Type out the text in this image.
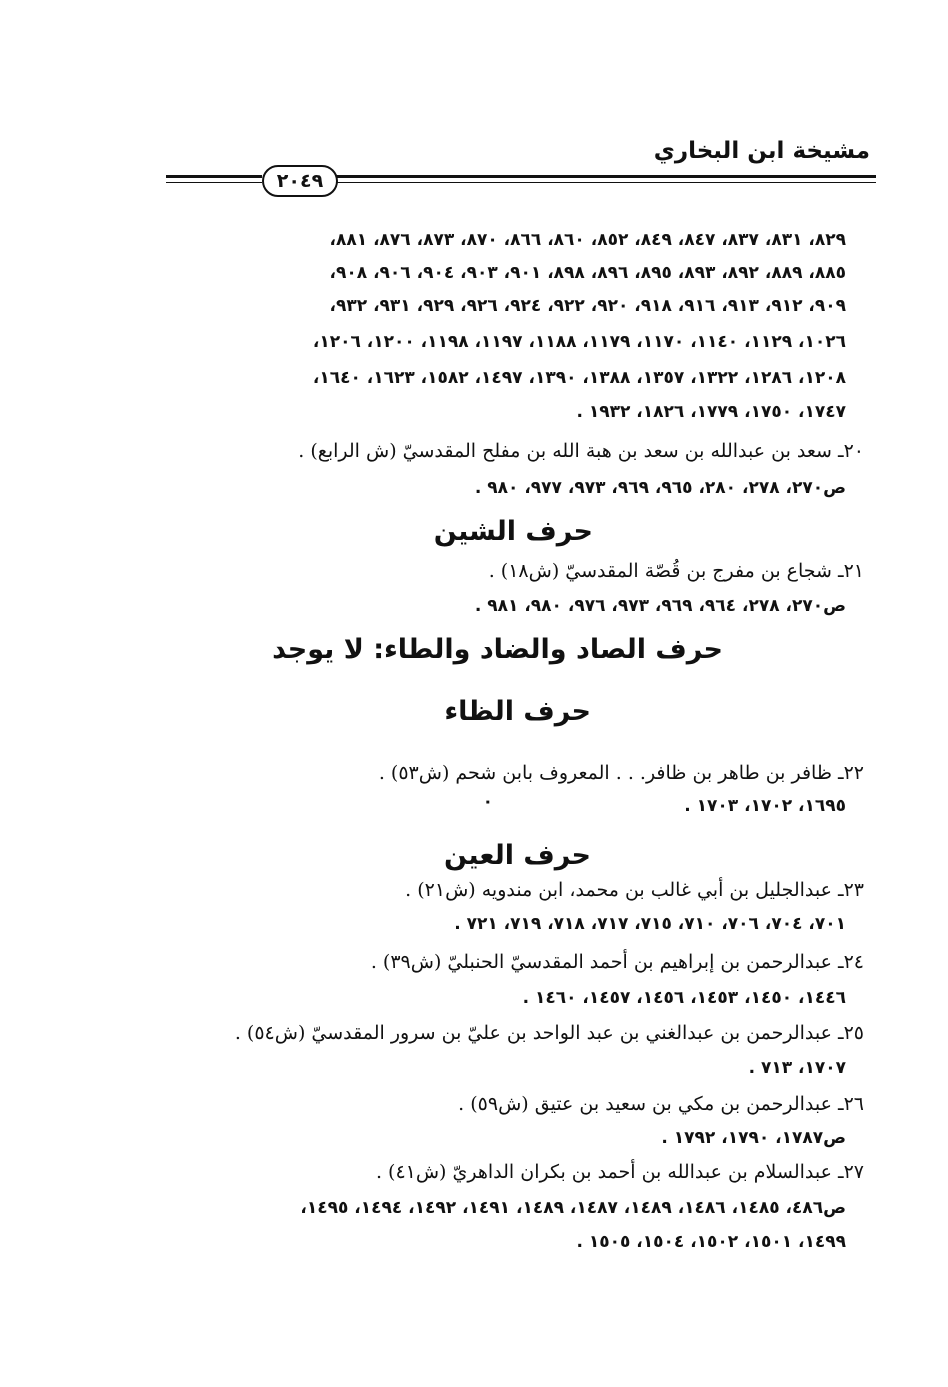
مشيخة ابن البخاري
٢٠٤٩
٨٢٩، ٨٣١، ٨٣٧، ٨٤٧، ٨٤٩، ٨٥٢، ٨٦٠، ٨٦٦، ٨٧٠، ٨٧٣، ٨٧٦، ٨٨١،
٨٨٥، ٨٨٩، ٨٩٢، ٨٩٣، ٨٩٥، ٨٩٦، ٨٩٨، ٩٠١، ٩٠٣، ٩٠٤، ٩٠٦، ٩٠٨،
٩٠٩، ٩١٢، ٩١٣، ٩١٦، ٩١٨، ٩٢٠، ٩٢٢، ٩٢٤، ٩٢٦، ٩٢٩، ٩٣١، ٩٣٢،
١٠٢٦، ١١٢٩، ١١٤٠، ١١٧٠، ١١٧٩، ١١٨٨، ١١٩٧، ١١٩٨، ١٢٠٠، ١٢٠٦،
١٢٠٨، ١٢٨٦، ١٣٢٢، ١٣٥٧، ١٣٨٨، ١٣٩٠، ١٤٩٧، ١٥٨٢، ١٦٢٣، ١٦٤٠،
١٧٤٧، ١٧٥٠، ١٧٧٩، ١٨٢٦، ١٩٣٢ .
٢٠ـ سعد بن عبدالله بن سعد بن هبة الله بن مفلح المقدسيّ (ش الرابع) .
ص٢٧٠، ٢٧٨، ٢٨٠، ٩٦٥، ٩٦٩، ٩٧٣، ٩٧٧، ٩٨٠ .
حرف الشين
٢١ـ شجاع بن مفرج بن قُصّة المقدسيّ (ش١٨) .
ص٢٧٠، ٢٧٨، ٩٦٤، ٩٦٩، ٩٧٣، ٩٧٦، ٩٨٠، ٩٨١ .
حرف الصاد والضاد والطاء: لا يوجد
حرف الظاء
٢٢ـ ظافر بن طاهر بن ظافر. . . المعروف بابن شحم (ش٥٣) .
٠	١٦٩٥، ١٧٠٢، ١٧٠٣ .
حرف العين
٢٣ـ عبدالجليل بن أبي غالب بن محمد، ابن مندويه (ش٢١) .
٧٠١، ٧٠٤، ٧٠٦، ٧١٠، ٧١٥، ٧١٧، ٧١٨، ٧١٩، ٧٢١ .
٢٤ـ عبدالرحمن بن إبراهيم بن أحمد المقدسيّ الحنبليّ (ش٣٩) .
١٤٤٦، ١٤٥٠، ١٤٥٣، ١٤٥٦، ١٤٥٧، ١٤٦٠ .
٢٥ـ عبدالرحمن بن عبدالغني بن عبد الواحد بن عليّ بن سرور المقدسيّ (ش٥٤) .
١٧٠٧، ٧١٣ .
٢٦ـ عبدالرحمن بن مكي بن سعيد بن عتيق (ش٥٩) .
ص١٧٨٧، ١٧٩٠، ١٧٩٢ .
٢٧ـ عبدالسلام بن عبدالله بن أحمد بن بكران الداهريّ (ش٤١) .
ص٤٨٦، ١٤٨٥، ١٤٨٦، ١٤٨٩، ١٤٨٧، ١٤٨٩، ١٤٩١، ١٤٩٢، ١٤٩٤، ١٤٩٥،
١٤٩٩، ١٥٠١، ١٥٠٢، ١٥٠٤، ١٥٠٥ .
